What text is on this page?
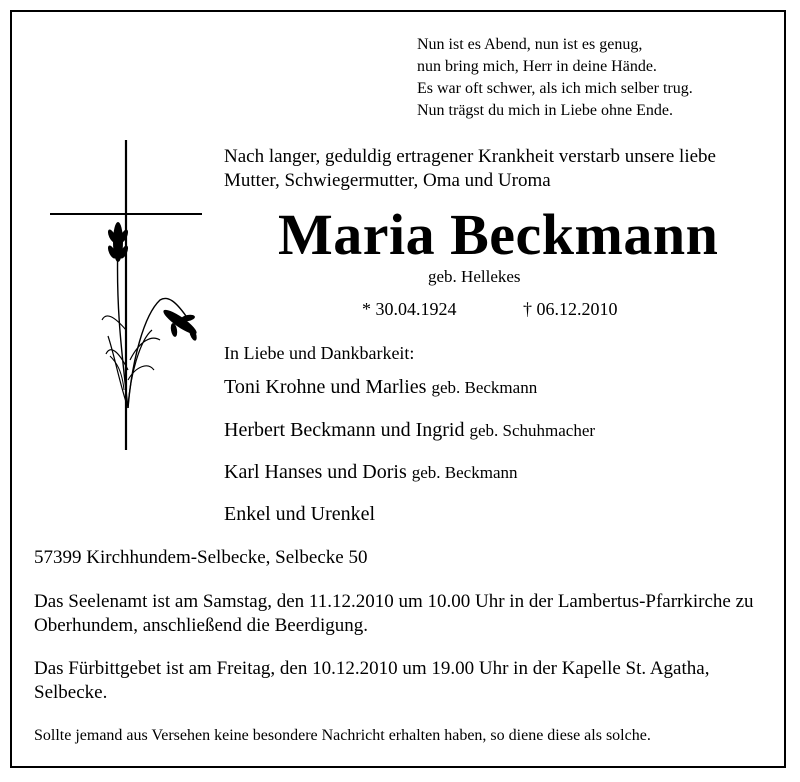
Nun ist es Abend, nun ist es genug,
nun bring mich, Herr in deine Hände.
Es war oft schwer, als ich mich selber trug.
Nun trägst du mich in Liebe ohne Ende.
Nach langer, geduldig ertragener Krankheit verstarb unsere liebe
Mutter, Schwiegermutter, Oma und Uroma
Maria Beckmann
geb. Hellekes
* 30.04.1924	† 06.12.2010
In Liebe und Dankbarkeit:
Toni Krohne und Marlies geb. Beckmann
Herbert Beckmann und Ingrid geb. Schuhmacher
Karl Hanses und Doris geb. Beckmann
Enkel und Urenkel
57399 Kirchhundem-Selbecke, Selbecke 50
Das Seelenamt ist am Samstag, den 11.12.2010 um 10.00 Uhr in der Lambertus-Pfarrkirche zu Oberhundem, anschließend die Beerdigung.
Das Fürbittgebet ist am Freitag, den 10.12.2010 um 19.00 Uhr in der Kapelle St. Agatha, Selbecke.
Sollte jemand aus Versehen keine besondere Nachricht erhalten haben, so diene diese als solche.
